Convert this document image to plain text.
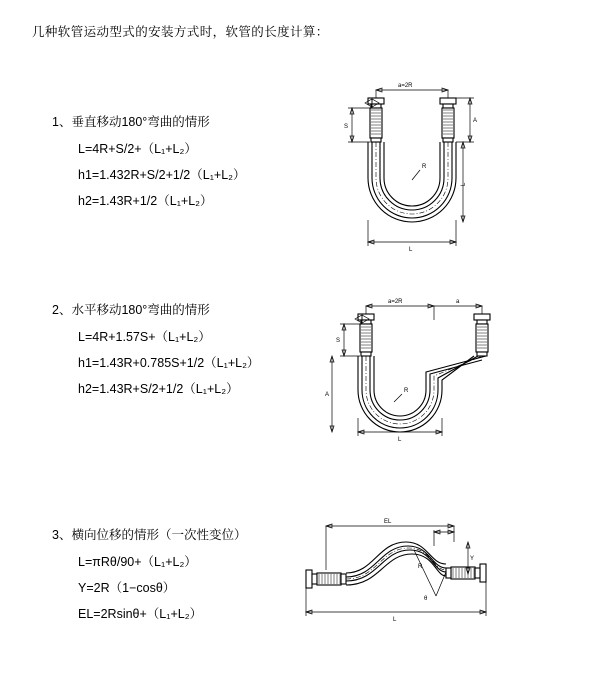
几种软管运动型式的安装方式时，软管的长度计算：
1、垂直移动180°弯曲的情形
L=4R+S/2+（L₁+L₂）
h1=1.432R+S/2+1/2（L₁+L₂）
h2=1.43R+1/2（L₁+L₂）
a=2R
A
L
R
L
S
2、水平移动180°弯曲的情形
L=4R+1.57S+（L₁+L₂）
h1=1.43R+0.785S+1/2（L₁+L₂）
h2=1.43R+S/2+1/2（L₁+L₂）
a=2R	a
R
S
A
L
3、横向位移的情形（一次性变位）
L=πRθ/90+（L₁+L₂）
Y=2R（1−cosθ）
EL=2Rsinθ+（L₁+L₂）
EL
θ
R
Y
L
